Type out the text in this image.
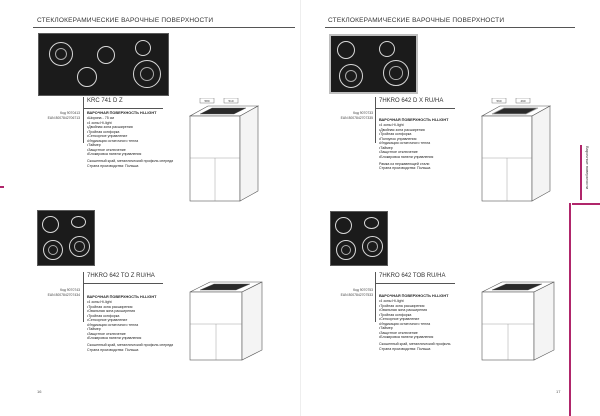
СТЕКЛОКЕРАМИЧЕСКИЕ ВАРОЧНЫЕ ПОВЕРХНОСТИ
KRC 741 D Z
Код 9070413
EAN 8007842706713
ВАРОЧНАЯ ПОВЕРХНОСТЬ HI-LIGHT
• Ширина - 75 см
• 4 зоны Hi-light
• Двойная зона расширения
• Тройная конфорка
• Сенсорное управление
• Индикация остаточного тепла
• Таймер
• Защитное отключение
• Блокировка панели управления
Скошенный край, металлический профиль спереди
Страна производства: Польша
580	510
7HKRO 642 TO Z RU/HA
Код 9070743
EAN 8007842707434
ВАРОЧНАЯ ПОВЕРХНОСТЬ HI-LIGHT
• 4 зоны Hi-light
• Тройная зона расширения
• Овальная зона расширения
• Тройная конфорка
• Сенсорное управление
• Индикация остаточного тепла
• Таймер
• Защитное отключение
• Блокировка панели управления
Скошенный край, металлический профиль спереди
Страна производства: Польша
16
СТЕКЛОКЕРАМИЧЕСКИЕ ВАРОЧНЫЕ ПОВЕРХНОСТИ
7HKRO 642 D X RU/HA
Код 9070733
EAN 8007842707335
ВАРОЧНАЯ ПОВЕРХНОСТЬ HI-LIGHT
• 4 зоны Hi-light
• Двойная зона расширения
• Тройная конфорка
• Ползунок управления
• Индикация остаточного тепла
• Таймер
• Защитное отключение
• Блокировка панели управления
Рамка из нержавеющей стали
Страна производства: Польша
560	490
7HKRO 642 TOB RU/HA
Код 9070753
EAN 8007842707533 ВАРОЧНАЯ ПОВЕРХНОСТЬ HI-LIGHT
• 4 зоны Hi-light
• Тройная зона расширения
• Овальная зона расширения
• Тройная конфорка
• Сенсорное управление
• Индикация остаточного тепла
• Таймер
• Защитное отключение
• Блокировка панели управления
Скошенный край, металлический профиль
Страна производства: Польша
Варочные поверхности
17
